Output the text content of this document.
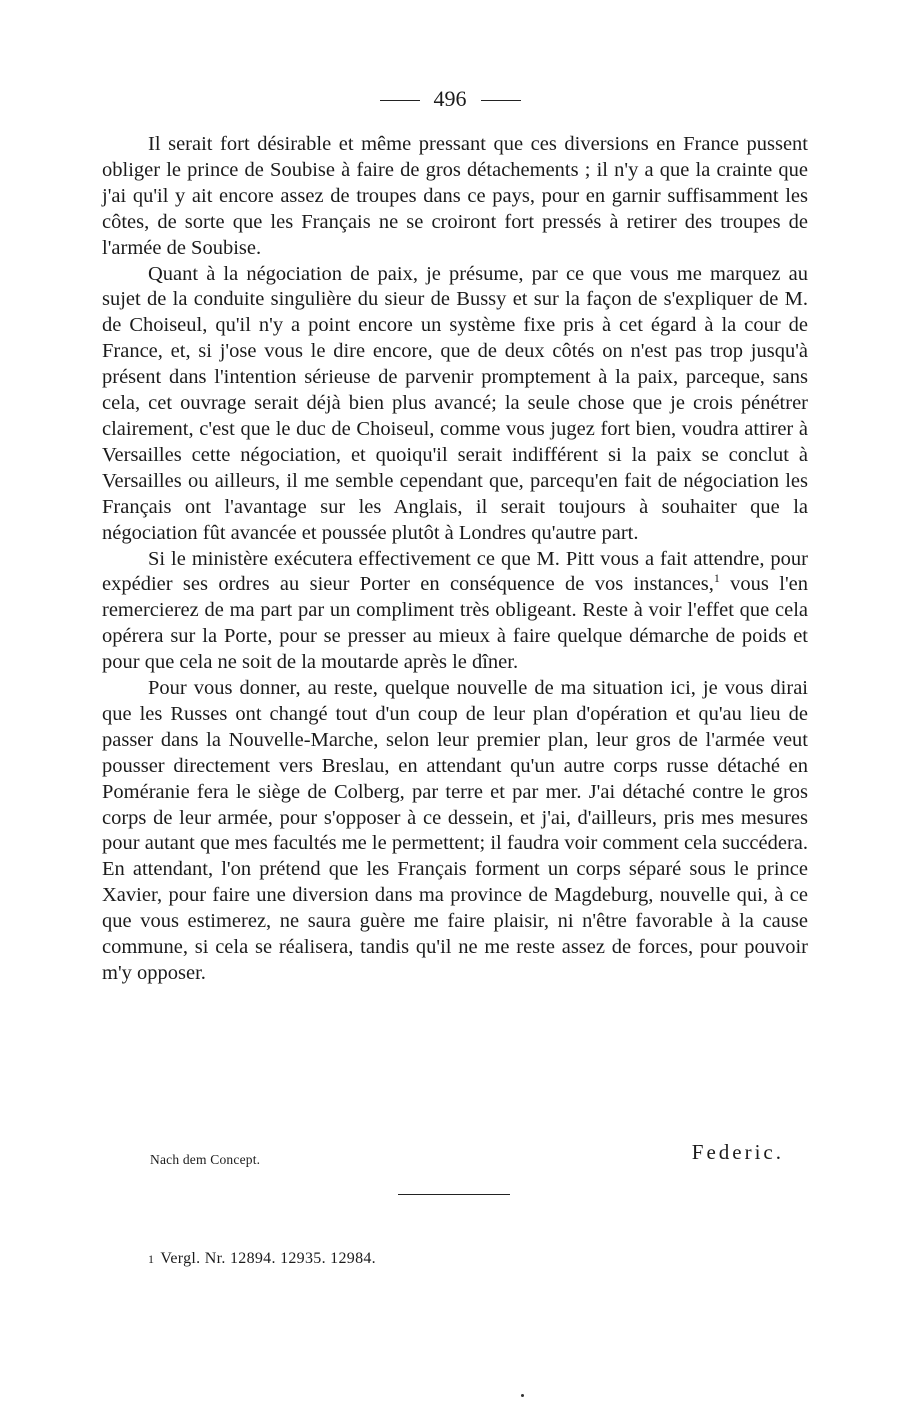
496

Il serait fort désirable et même pressant que ces diversions en France pussent obliger le prince de Soubise à faire de gros détachements ; il n'y a que la crainte que j'ai qu'il y ait encore assez de troupes dans ce pays, pour en garnir suffisamment les côtes, de sorte que les Français ne se croiront fort pressés à retirer des troupes de l'armée de Soubise.

Quant à la négociation de paix, je présume, par ce que vous me marquez au sujet de la conduite singulière du sieur de Bussy et sur la façon de s'expliquer de M. de Choiseul, qu'il n'y a point encore un système fixe pris à cet égard à la cour de France, et, si j'ose vous le dire encore, que de deux côtés on n'est pas trop jusqu'à présent dans l'intention sérieuse de parvenir promptement à la paix, parceque, sans cela, cet ouvrage serait déjà bien plus avancé; la seule chose que je crois pénétrer clairement, c'est que le duc de Choiseul, comme vous jugez fort bien, voudra attirer à Versailles cette négociation, et quoiqu'il serait indifférent si la paix se conclut à Versailles ou ailleurs, il me semble cependant que, parcequ'en fait de négociation les Français ont l'avantage sur les Anglais, il serait toujours à souhaiter que la négociation fût avancée et poussée plutôt à Londres qu'autre part.

Si le ministère exécutera effectivement ce que M. Pitt vous a fait attendre, pour expédier ses ordres au sieur Porter en conséquence de vos instances,$^1$ vous l'en remercierez de ma part par un compliment très obligeant. Reste à voir l'effet que cela opérera sur la Porte, pour se presser au mieux à faire quelque démarche de poids et pour que cela ne soit de la moutarde après le dîner.

Pour vous donner, au reste, quelque nouvelle de ma situation ici, je vous dirai que les Russes ont changé tout d'un coup de leur plan d'opération et qu'au lieu de passer dans la Nouvelle-Marche, selon leur premier plan, leur gros de l'armée veut pousser directement vers Breslau, en attendant qu'un autre corps russe détaché en Poméranie fera le siège de Colberg, par terre et par mer. J'ai détaché contre le gros corps de leur armée, pour s'opposer à ce dessein, et j'ai, d'ailleurs, pris mes mesures pour autant que mes facultés me le permettent; il faudra voir comment cela succédera. En attendant, l'on prétend que les Français forment un corps séparé sous le prince Xavier, pour faire une diversion dans ma province de Magdeburg, nouvelle qui, à ce que vous estimerez, ne saura guère me faire plaisir, ni n'être favorable à la cause commune, si cela se réalisera, tandis qu'il ne me reste assez de forces, pour pouvoir m'y opposer.

Nach dem Concept.	Federic.
1 Vergl. Nr. 12894. 12935. 12984.
